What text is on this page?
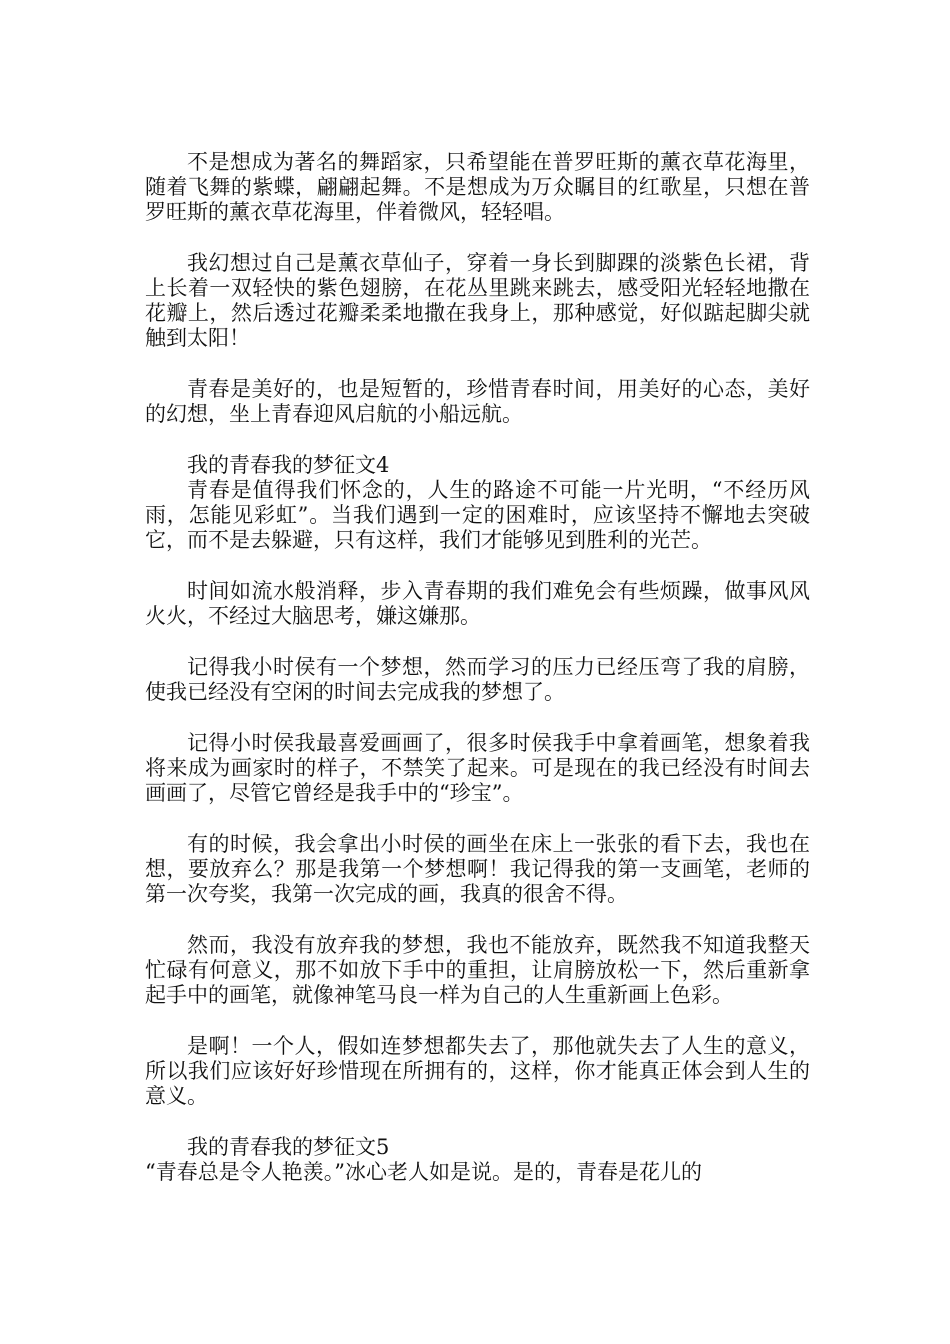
不是想成为著名的舞蹈家，只希望能在普罗旺斯的薰衣草花海里，随着飞舞的紫蝶，翩翩起舞。不是想成为万众瞩目的红歌星，只想在普罗旺斯的薰衣草花海里，伴着微风，轻轻唱。

我幻想过自己是薰衣草仙子，穿着一身长到脚踝的淡紫色长裙，背上长着一双轻快的紫色翅膀，在花丛里跳来跳去，感受阳光轻轻地撒在花瓣上，然后透过花瓣柔柔地撒在我身上，那种感觉，好似踮起脚尖就触到太阳！

青春是美好的，也是短暂的，珍惜青春时间，用美好的心态，美好的幻想，坐上青春迎风启航的小船远航。

我的青春我的梦征文4

青春是值得我们怀念的，人生的路途不可能一片光明，“不经历风雨，怎能见彩虹”。当我们遇到一定的困难时，应该坚持不懈地去突破它，而不是去躲避，只有这样，我们才能够见到胜利的光芒。

时间如流水般消释，步入青春期的我们难免会有些烦躁，做事风风火火，不经过大脑思考，嫌这嫌那。

记得我小时侯有一个梦想，然而学习的压力已经压弯了我的肩膀，使我已经没有空闲的时间去完成我的梦想了。

记得小时侯我最喜爱画画了，很多时侯我手中拿着画笔，想象着我将来成为画家时的样子，不禁笑了起来。可是现在的我已经没有时间去画画了，尽管它曾经是我手中的“珍宝”。

有的时候，我会拿出小时侯的画坐在床上一张张的看下去，我也在想，要放弃么？那是我第一个梦想啊！我记得我的第一支画笔，老师的第一次夸奖，我第一次完成的画，我真的很舍不得。

然而，我没有放弃我的梦想，我也不能放弃，既然我不知道我整天忙碌有何意义，那不如放下手中的重担，让肩膀放松一下，然后重新拿起手中的画笔，就像神笔马良一样为自己的人生重新画上色彩。

是啊！一个人，假如连梦想都失去了，那他就失去了人生的意义，所以我们应该好好珍惜现在所拥有的，这样，你才能真正体会到人生的意义。

我的青春我的梦征文5

“青春总是令人艳羡。”冰心老人如是说。是的，青春是花儿的
